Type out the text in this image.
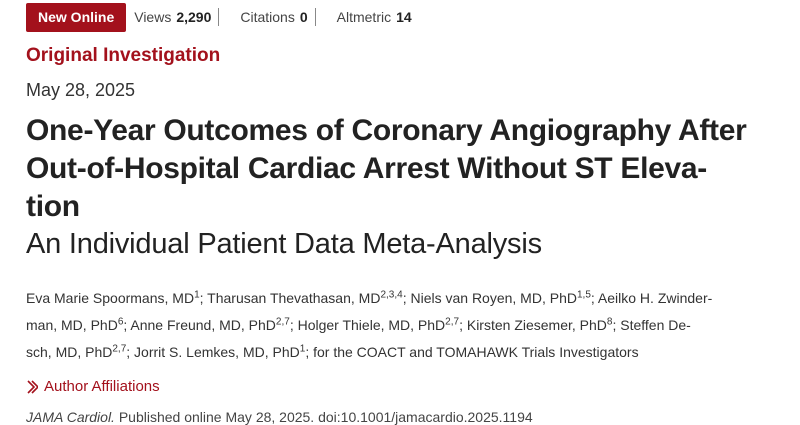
New Online	Views 2,290 Citations 0 Altmetric 14
Original Investigation
May 28, 2025
One-Year Outcomes of Coronary Angiography After
Out-of-Hospital Cardiac Arrest Without ST Eleva-
tion
An Individual Patient Data Meta-Analysis
Eva Marie Spoormans, $MD^1$; Tharusan Thevathasan, MD$^{2,3,4}$; Niels van Royen, MD, PhD$^{1,5}$; Aeilko H. Zwinder-
man, MD, PhD$^6$; Anne Freund, MD, PhD$^{2,7}$; Holger Thiele, MD, PhD$^{2,7}$; Kirsten Ziesemer, PhD$^8$; Steffen De-
sch, MD, PhD$^{2,7}$; Jorrit S. Lemkes, MD, PhD$^1$; for the COACT and TOMAHAWK Trials Investigators
Author Affiliations
JAMA Cardiol. Published online May 28, 2025. doi:10.1001/jamacardio.2025.1194
